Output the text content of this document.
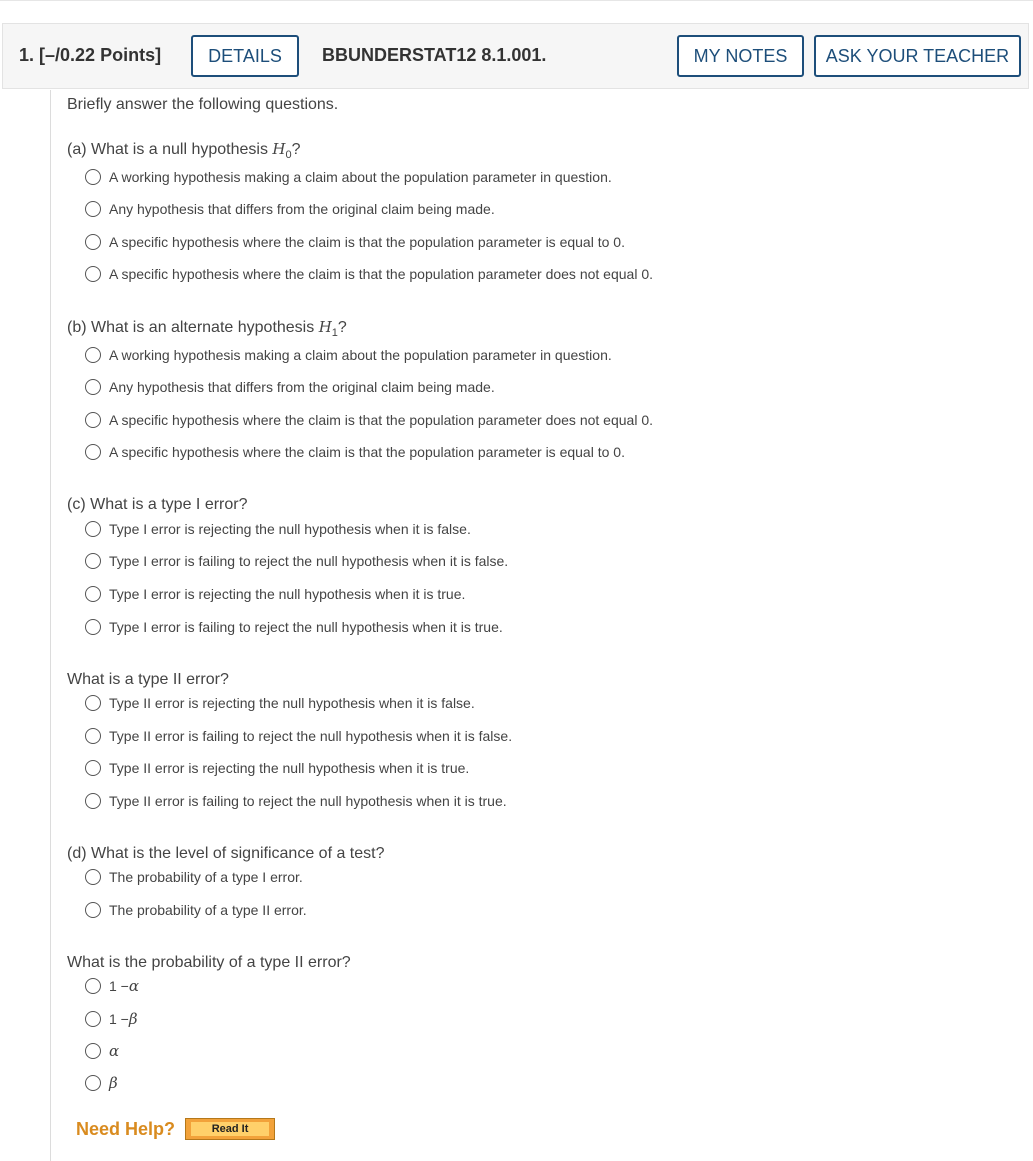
1. [–/0.22 Points]	DETAILS	BBUNDERSTAT12 8.1.001.	MY NOTES	ASK YOUR TEACHER
Briefly answer the following questions.
(a) What is a null hypothesis $H_0$?
A working hypothesis making a claim about the population parameter in question.
Any hypothesis that differs from the original claim being made.
A specific hypothesis where the claim is that the population parameter is equal to 0.
A specific hypothesis where the claim is that the population parameter does not equal 0.
(b) What is an alternate hypothesis $H_1$?
A working hypothesis making a claim about the population parameter in question.
Any hypothesis that differs from the original claim being made.
A specific hypothesis where the claim is that the population parameter does not equal 0.
A specific hypothesis where the claim is that the population parameter is equal to 0.
(c) What is a type I error?
Type I error is rejecting the null hypothesis when it is false.
Type I error is failing to reject the null hypothesis when it is false.
Type I error is rejecting the null hypothesis when it is true.
Type I error is failing to reject the null hypothesis when it is true.
What is a type II error?
Type II error is rejecting the null hypothesis when it is false.
Type II error is failing to reject the null hypothesis when it is false.
Type II error is rejecting the null hypothesis when it is true.
Type II error is failing to reject the null hypothesis when it is true.
(d) What is the level of significance of a test?
The probability of a type I error.
The probability of a type II error.
What is the probability of a type II error?
1 − α
1 − β
α
β
Need Help?	Read It
